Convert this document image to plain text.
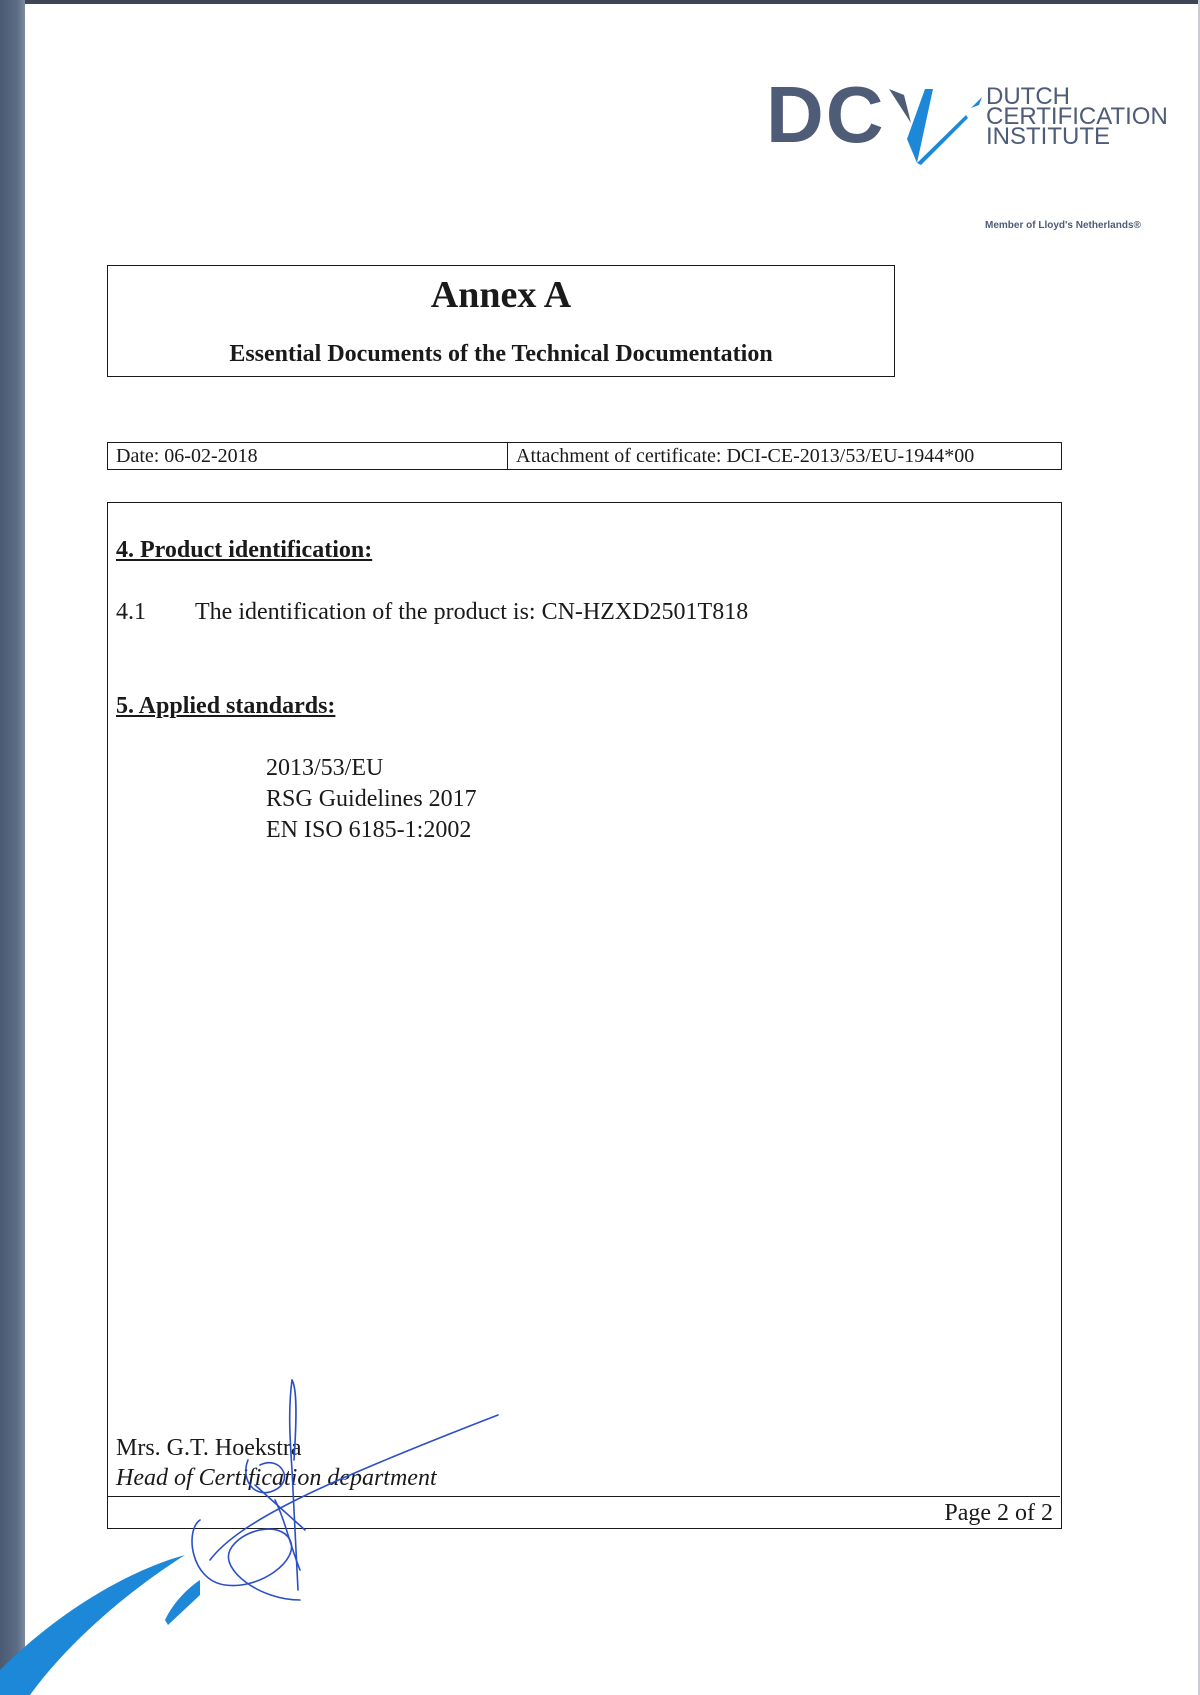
DC	DUTCH
CERTIFICATION
INSTITUTE
Member of Lloyd's Netherlands®
Annex A
Essential Documents of the Technical Documentation
Date: 06-02-2018	Attachment of certificate: DCI-CE-2013/53/EU-1944*00
4. Product identification:
4.1 The identification of the product is: CN-HZXD2501T818
5. Applied standards:
2013/53/EU
RSG Guidelines 2017
EN ISO 6185-1:2002
Mrs. G.T. Hoekstra
Head of Certification department
Page 2 of 2
